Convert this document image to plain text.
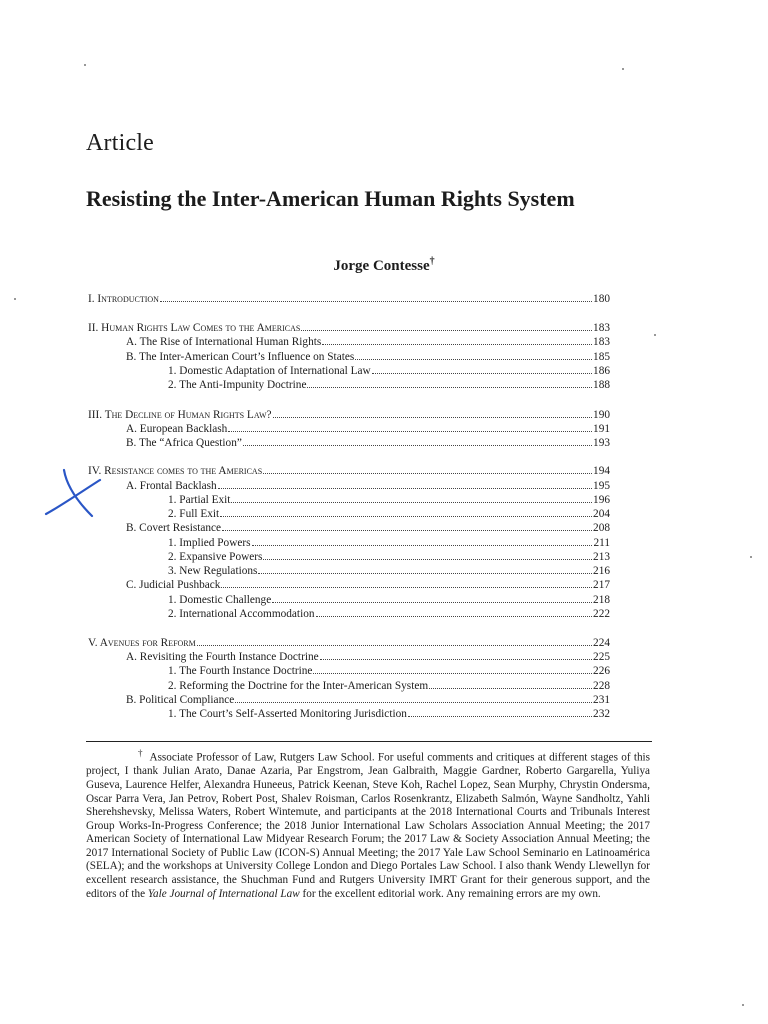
Article
Resisting the Inter-American Human Rights System
Jorge Contesse†
I. Introduction	180
II. Human Rights Law Comes to the Americas	183
A. The Rise of International Human Rights	183
B. The Inter-American Court’s Influence on States	185
1. Domestic Adaptation of International Law	186
2. The Anti-Impunity Doctrine	188
III. The Decline of Human Rights Law?	190
A. European Backlash	191
B. The “Africa Question”	193
IV. Resistance comes to the Americas	194
A. Frontal Backlash	195
1. Partial Exit	196
2. Full Exit	204
B. Covert Resistance	208
1. Implied Powers	211
2. Expansive Powers	213
3. New Regulations	216
C. Judicial Pushback	217
1. Domestic Challenge	218
2. International Accommodation	222
V. Avenues for Reform	224
A. Revisiting the Fourth Instance Doctrine	225
1. The Fourth Instance Doctrine	226
2. Reforming the Doctrine for the Inter-American System	228
B. Political Compliance	231
1. The Court’s Self-Asserted Monitoring Jurisdiction	232
† Associate Professor of Law, Rutgers Law School. For useful comments and critiques at different stages of this project, I thank Julian Arato, Danae Azaria, Par Engstrom, Jean Galbraith, Maggie Gardner, Roberto Gargarella, Yuliya Guseva, Laurence Helfer, Alexandra Huneeus, Patrick Keenan, Steve Koh, Rachel Lopez, Sean Murphy, Chrystin Ondersma, Oscar Parra Vera, Jan Petrov, Robert Post, Shalev Roisman, Carlos Rosenkrantz, Elizabeth Salmón, Wayne Sandholtz, Yahli Sherehshevsky, Melissa Waters, Robert Wintemute, and participants at the 2018 International Courts and Tribunals Interest Group Works-In-Progress Conference; the 2018 Junior International Law Scholars Association Annual Meeting; the 2017 American Society of International Law Midyear Research Forum; the 2017 Law & Society Association Annual Meeting; the 2017 International Society of Public Law (ICON-S) Annual Meeting; the 2017 Yale Law School Seminario en Latinoamérica (SELA); and the workshops at University College London and Diego Portales Law School. I also thank Wendy Llewellyn for excellent research assistance, the Shuchman Fund and Rutgers University IMRT Grant for their generous support, and the editors of the Yale Journal of International Law for the excellent editorial work. Any remaining errors are my own.
